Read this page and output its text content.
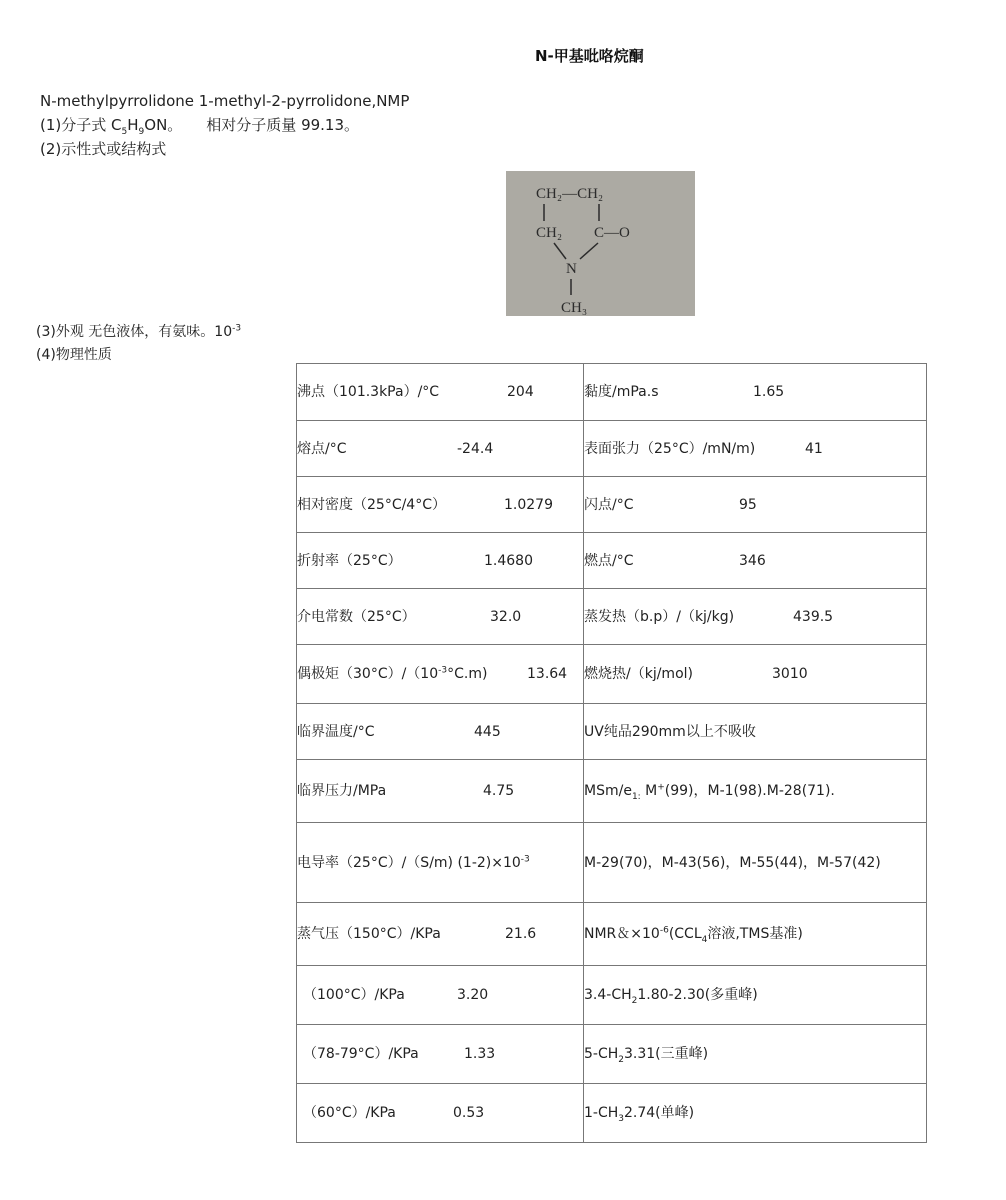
N-甲基吡咯烷酮
N-methylpyrrolidone 1-methyl-2-pyrrolidone,NMP
(1)分子式 $C_5H_9ON$。 相对分子质量 99.13。
(2)示性式或结构式
CH₂—CH₂
CH₂ C—O
N
CH₃
(3)外观 无色液体，有氨味。$10^{-3}$
(4)物理性质
沸点（101.3kPa）/°C 204	黏度/mPa.s 1.65

熔点/°C -24.4	表面张力（25°C）/mN/m) 41

相对密度（25°C/4°C） 1.0279	闪点/°C 95

折射率（25°C） 1.4680	燃点/°C 346

介电常数（25°C） 32.0	蒸发热（b.p）/（kj/kg) 439.5

偶极矩$(30^\circ C)/(10^{-3}^\circ C.m)$ 13.64	燃烧热/（kj/mol) 3010

临界温度/°C 445	UV纯品290mm以上不吸收

临界压力/MPa 4.75	MSm/$e_{1:}$ M+(99)，M-1(98).M-28(71).

电导率（25°C）/（S/m) $(1-2)\times 10^{-3}$	M-29(70)，M-43(56)，M-55(44)，M-57(42)

蒸气压（150°C）/KPa 21.6	NMR＆$\times 10^{-6}(CCL_4$溶液,TMS基准)

（100°C）/KPa 3.20	$3.4-CH_21.80-2.30$(多重峰)

（78-79°C）/KPa 1.33	$5-CH_23.31$(三重峰)

（60°C）/KPa 0.53	$1-CH_32.74$(单峰)
